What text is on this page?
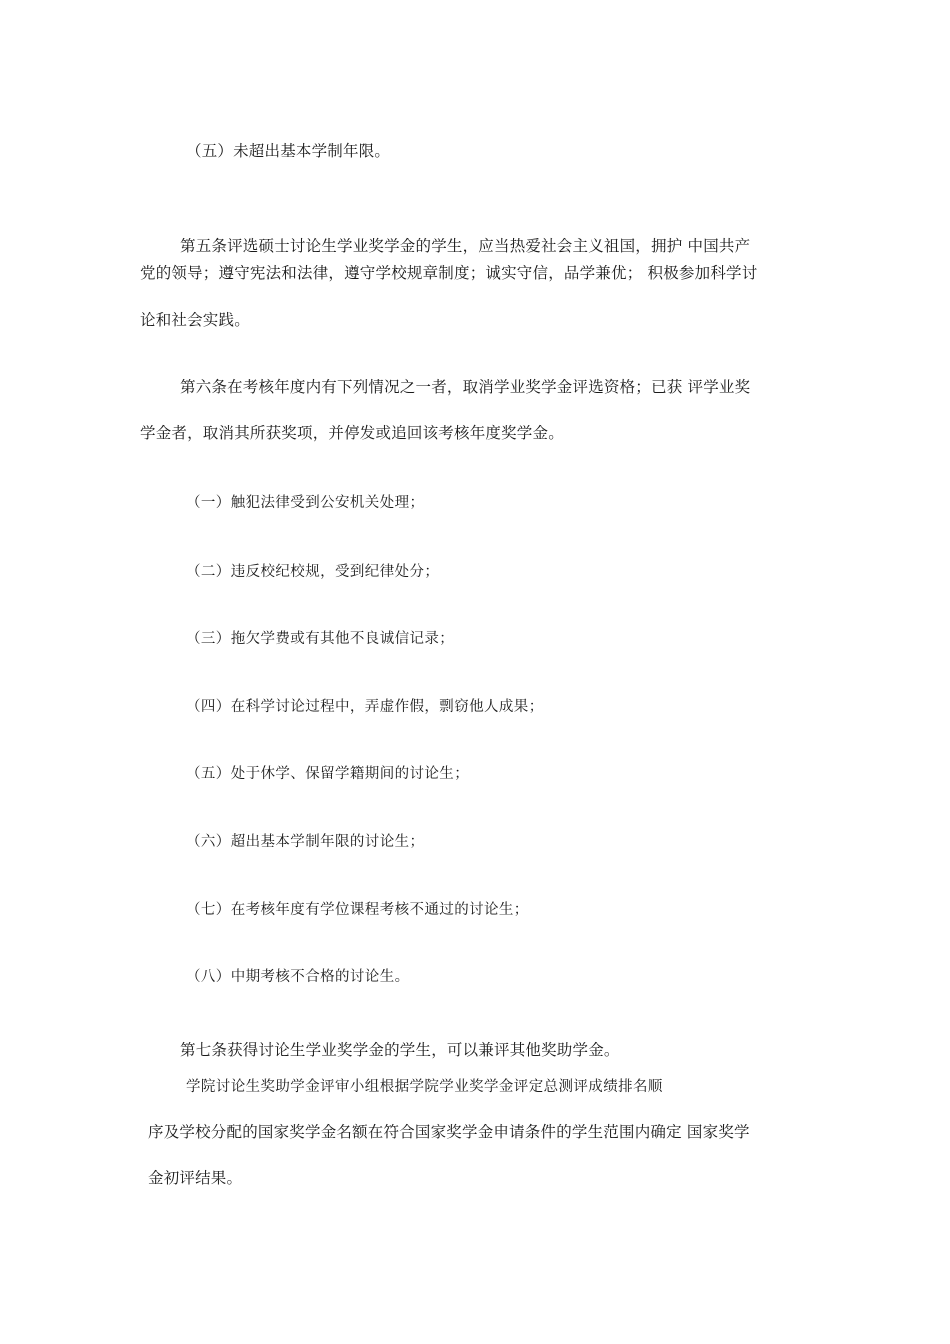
（五）未超出基本学制年限。
第五条评选硕士讨论生学业奖学金的学生，应当热爱社会主义祖国，拥护 中国共产
党的领导；遵守宪法和法律，遵守学校规章制度；诚实守信，品学兼优； 积极参加科学讨
论和社会实践。
第六条在考核年度内有下列情况之一者，取消学业奖学金评选资格；已获 评学业奖
学金者，取消其所获奖项，并停发或追回该考核年度奖学金。
（一）触犯法律受到公安机关处理；
（二）违反校纪校规，受到纪律处分；
（三）拖欠学费或有其他不良诚信记录；
（四）在科学讨论过程中，弄虚作假，剽窃他人成果；
（五）处于休学、保留学籍期间的讨论生；
（六）超出基本学制年限的讨论生；
（七）在考核年度有学位课程考核不通过的讨论生；
（八）中期考核不合格的讨论生。
第七条获得讨论生学业奖学金的学生，可以兼评其他奖助学金。
学院讨论生奖助学金评审小组根据学院学业奖学金评定总测评成绩排名顺
序及学校分配的国家奖学金名额在符合国家奖学金申请条件的学生范围内确定 国家奖学
金初评结果。
